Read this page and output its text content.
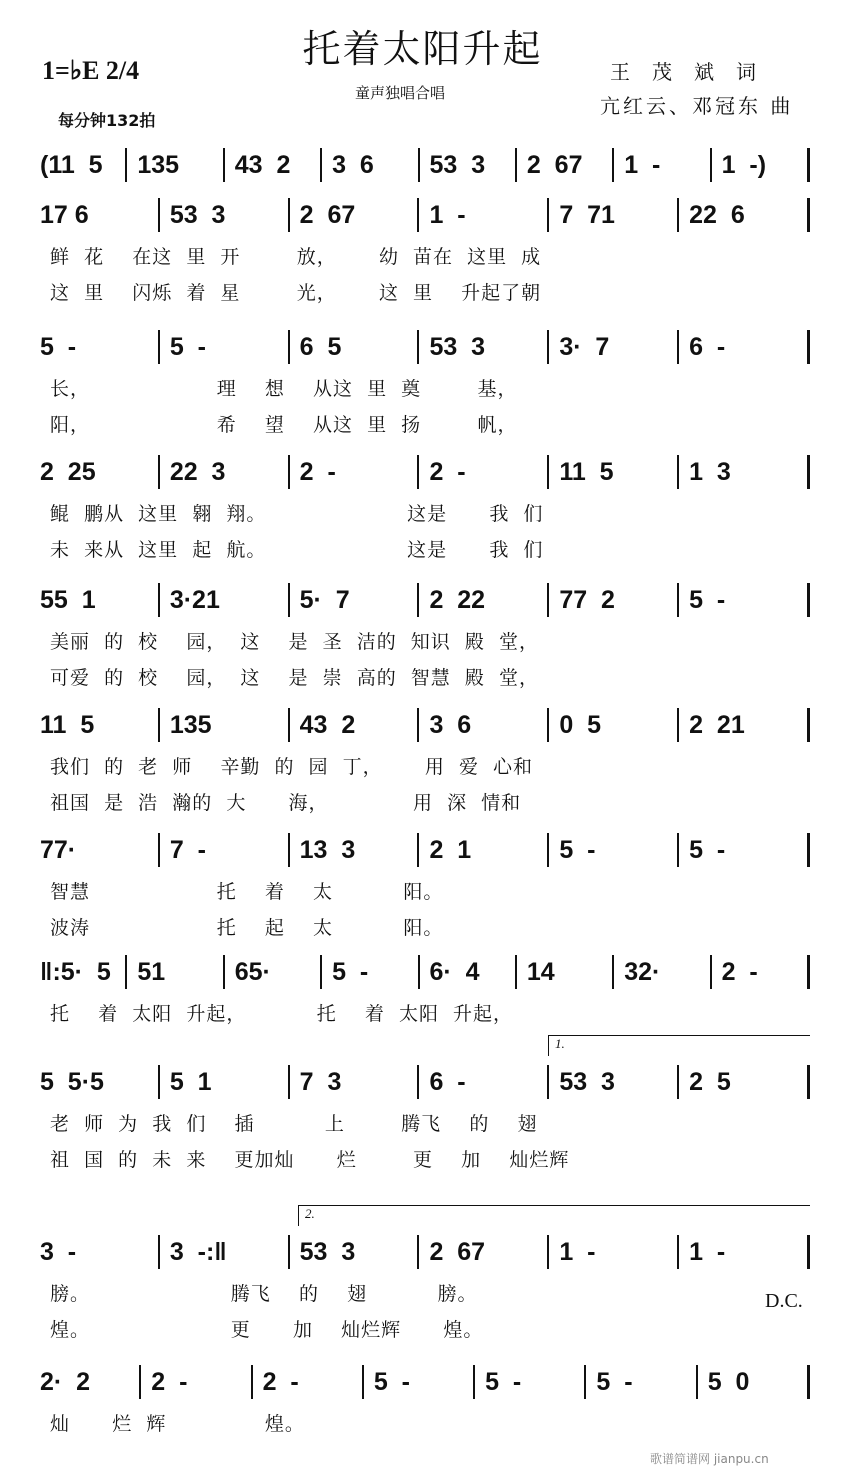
托着太阳升起
童声独唱合唱
1=♭E 2/4
每分钟132拍
王茂斌词
亢红云、邓冠东 曲
D.C.
歌谱简谱网 jianpu.cn
(11  5	135	43  2	3  6	53  3	2  67	1  -	1  -)
17 6	53  3	2  67	1  -	7  71	22  6
鲜  花    在这  里  开        放，      幼  苗在  这里  成
这  里    闪烁  着  星        光，      这  里    升起了朝
5  -	5  -	6  5	53  3	3·  7	6  -
长，                  理    想    从这  里  奠        基，
阳，                  希    望    从这  里  扬        帆，
2  25	22  3	2  -	2  -	11  5	1  3
鲲  鹏从  这里  翱  翔。                    这是      我  们
未  来从  这里  起  航。                    这是      我  们
55  1	3·21	5·  7	2  22	77  2	5  -
美丽  的  校    园，  这    是  圣  洁的  知识  殿  堂，
可爱  的  校    园，  这    是  崇  高的  智慧  殿  堂，
11  5	135	43  2	3  6	0  5	2  21
我们  的  老  师    辛勤  的  园  丁，      用  爱  心和
祖国  是  浩  瀚的  大      海，            用  深  情和
77·	7  -	13  3	2  1	5  -	5  -
智慧                  托    着    太          阳。
波涛                  托    起    太          阳。
‖:5·  5	51	65·	5  -	6·  4	14	32·	2  -
托    着  太阳  升起，          托    着  太阳  升起，
5  5·5	5  1	7  3	6  -	53  3	2  5
1.
老  师  为  我  们    插          上        腾飞    的    翅
祖  国  的  未  来    更加灿      烂        更    加    灿烂辉
3  -	3  -:‖	53  3	2  67	1  -	1  -
2.
膀。                    腾飞    的    翅          膀。
煌。                    更      加    灿烂辉      煌。
2·  2	2  -	2  -	5  -	5  -	5  -	5  0
灿      烂  辉              煌。
